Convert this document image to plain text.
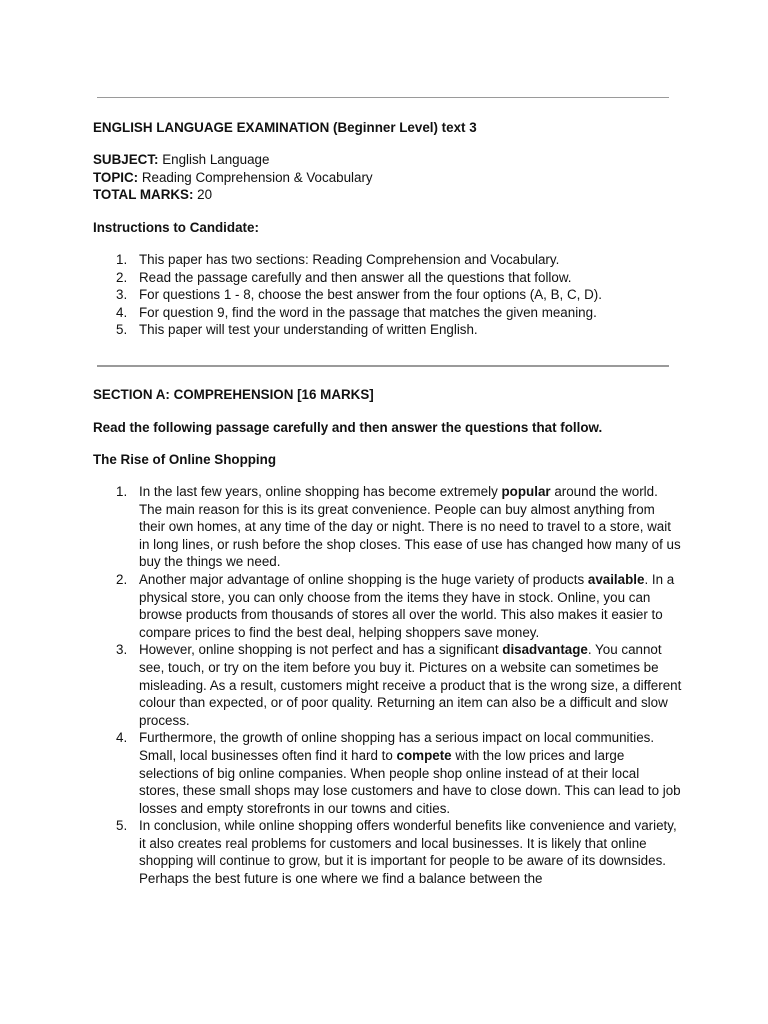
ENGLISH LANGUAGE EXAMINATION (Beginner Level) text 3

SUBJECT: English Language

TOPIC: Reading Comprehension & Vocabulary

TOTAL MARKS: 20

Instructions to Candidate:

1. This paper has two sections: Reading Comprehension and Vocabulary.
2. Read the passage carefully and then answer all the questions that follow.
3. For questions 1 - 8, choose the best answer from the four options (A, B, C, D).
4. For question 9, find the word in the passage that matches the given meaning.
5. This paper will test your understanding of written English.

SECTION A: COMPREHENSION [16 MARKS]

Read the following passage carefully and then answer the questions that follow.

The Rise of Online Shopping

1. In the last few years, online shopping has become extremely popular around the world. The main reason for this is its great convenience. People can buy almost anything from their own homes, at any time of the day or night. There is no need to travel to a store, wait in long lines, or rush before the shop closes. This ease of use has changed how many of us buy the things we need.
2. Another major advantage of online shopping is the huge variety of products available. In a physical store, you can only choose from the items they have in stock. Online, you can browse products from thousands of stores all over the world. This also makes it easier to compare prices to find the best deal, helping shoppers save money.
3. However, online shopping is not perfect and has a significant disadvantage. You cannot see, touch, or try on the item before you buy it. Pictures on a website can sometimes be misleading. As a result, customers might receive a product that is the wrong size, a different colour than expected, or of poor quality. Returning an item can also be a difficult and slow process.
4. Furthermore, the growth of online shopping has a serious impact on local communities. Small, local businesses often find it hard to compete with the low prices and large selections of big online companies. When people shop online instead of at their local stores, these small shops may lose customers and have to close down. This can lead to job losses and empty storefronts in our towns and cities.
5. In conclusion, while online shopping offers wonderful benefits like convenience and variety, it also creates real problems for customers and local businesses. It is likely that online shopping will continue to grow, but it is important for people to be aware of its downsides. Perhaps the best future is one where we find a balance between the
